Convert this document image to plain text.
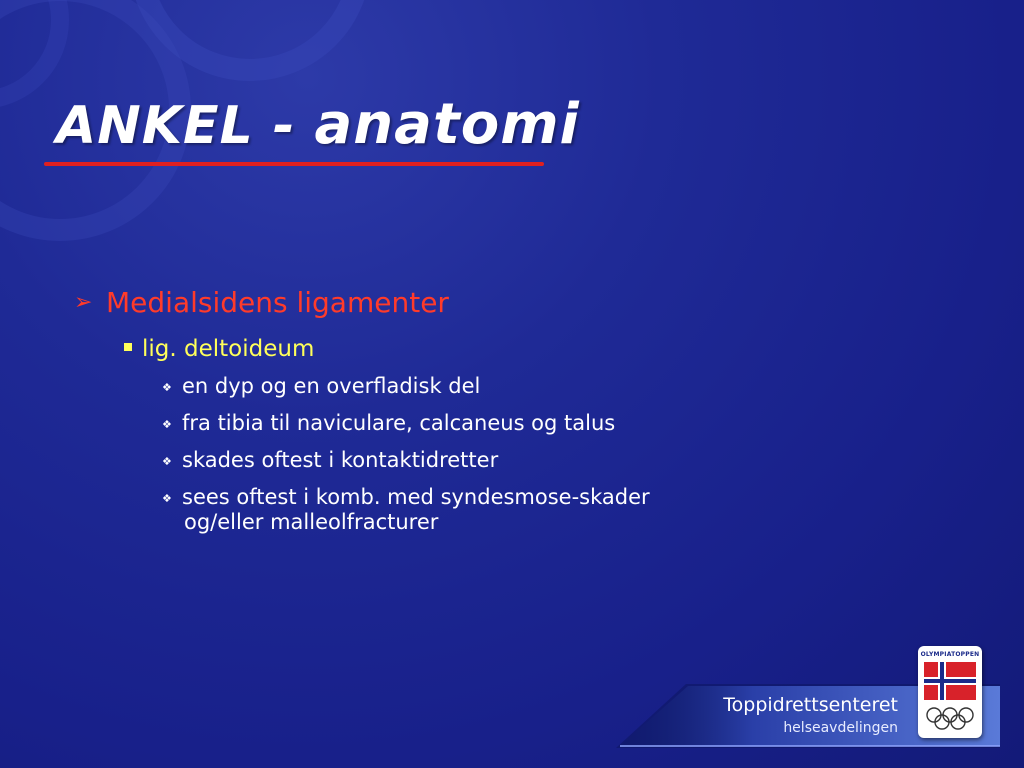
ANKEL - anatomi
➢ Medialsidens ligamenter
lig. deltoideum
❖ en dyp og en overfladisk del
❖ fra tibia til naviculare, calcaneus og talus
❖ skades oftest i kontaktidretter
❖ sees oftest i komb. med syndesmose-skader
og/eller malleolfracturer
Toppidrettsenteret
helseavdelingen
OLYMPIATOPPEN
